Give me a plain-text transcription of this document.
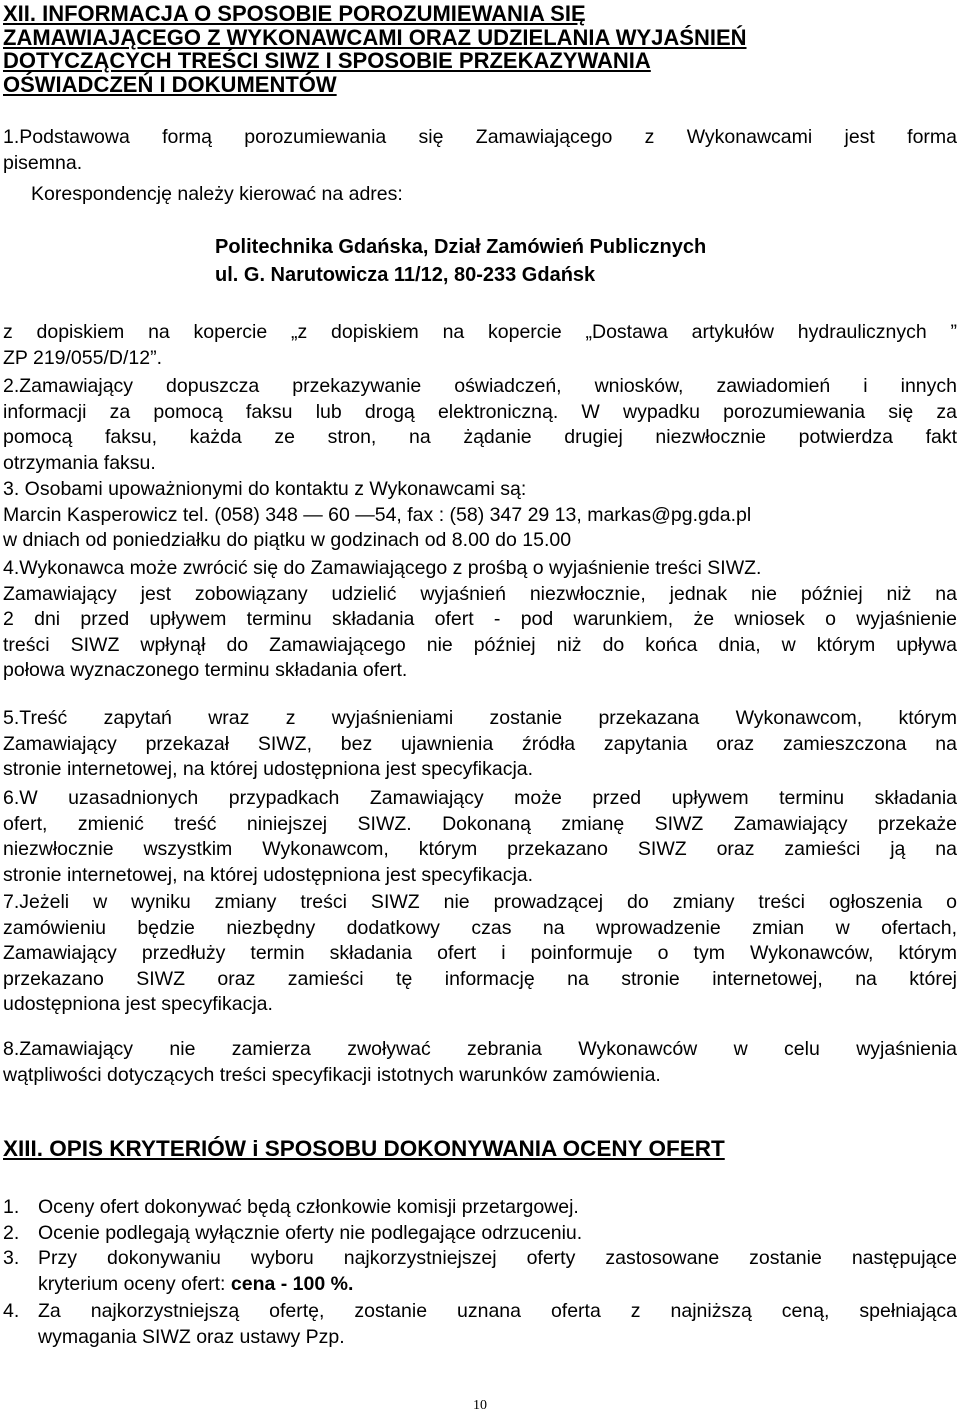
XII. INFORMACJA O SPOSOBIE POROZUMIEWANIA SIĘ

ZAMAWIAJĄCEGO Z WYKONAWCAMI ORAZ UDZIELANIA WYJAŚNIEŃ

DOTYCZĄCYCH TREŚCI SIWZ I SPOSOBIE PRZEKAZYWANIA

OŚWIADCZEŃ I DOKUMENTÓW

1.Podstawowa formą porozumiewania się Zamawiającego z Wykonawcami jest forma

pisemna.

Korespondencję należy kierować na adres:

Politechnika Gdańska, Dział Zamówień Publicznych

ul. G. Narutowicza 11/12, 80-233 Gdańsk

z dopiskiem na kopercie „z dopiskiem na kopercie „Dostawa artykułów hydraulicznych ”

ZP 219/055/D/12”.

2.Zamawiający dopuszcza przekazywanie oświadczeń, wniosków, zawiadomień i innych

informacji za pomocą faksu lub drogą elektroniczną. W wypadku porozumiewania się za

pomocą faksu, każda ze stron, na żądanie drugiej niezwłocznie potwierdza fakt

otrzymania faksu.

3. Osobami upoważnionymi do kontaktu z Wykonawcami są:

Marcin Kasperowicz tel. (058) 348 — 60 —54, fax : (58) 347 29 13, markas@pg.gda.pl

w dniach od poniedziałku do piątku w godzinach od 8.00 do 15.00

4.Wykonawca może zwrócić się do Zamawiającego z prośbą o wyjaśnienie treści SIWZ.

Zamawiający jest zobowiązany udzielić wyjaśnień niezwłocznie, jednak nie później niż na

2 dni przed upływem terminu składania ofert - pod warunkiem, że wniosek o wyjaśnienie

treści SIWZ wpłynął do Zamawiającego nie później niż do końca dnia, w którym upływa

połowa wyznaczonego terminu składania ofert.

5.Treść zapytań wraz z wyjaśnieniami zostanie przekazana Wykonawcom, którym

Zamawiający przekazał SIWZ, bez ujawnienia źródła zapytania oraz zamieszczona na

stronie internetowej, na której udostępniona jest specyfikacja.

6.W uzasadnionych przypadkach Zamawiający może przed upływem terminu składania

ofert, zmienić treść niniejszej SIWZ. Dokonaną zmianę SIWZ Zamawiający przekaże

niezwłocznie wszystkim Wykonawcom, którym przekazano SIWZ oraz zamieści ją na

stronie internetowej, na której udostępniona jest specyfikacja.

7.Jeżeli w wyniku zmiany treści SIWZ nie prowadzącej do zmiany treści ogłoszenia o

zamówieniu będzie niezbędny dodatkowy czas na wprowadzenie zmian w ofertach,

Zamawiający przedłuży termin składania ofert i poinformuje o tym Wykonawców, którym

przekazano SIWZ oraz zamieści tę informację na stronie internetowej, na której

udostępniona jest specyfikacja.

8.Zamawiający nie zamierza zwoływać zebrania Wykonawców w celu wyjaśnienia

wątpliwości dotyczących treści specyfikacji istotnych warunków zamówienia.

XIII. OPIS KRYTERIÓW i SPOSOBU DOKONYWANIA OCENY OFERT

1. Oceny ofert dokonywać będą członkowie komisji przetargowej.
2. Ocenie podlegają wyłącznie oferty nie podlegające odrzuceniu.
3. Przy dokonywaniu wyboru najkorzystniejszej oferty zastosowane zostanie następujące
kryterium oceny ofert: cena - 100 %.
4. Za najkorzystniejszą ofertę, zostanie uznana oferta z najniższą ceną, spełniająca
wymagania SIWZ oraz ustawy Pzp.
10
